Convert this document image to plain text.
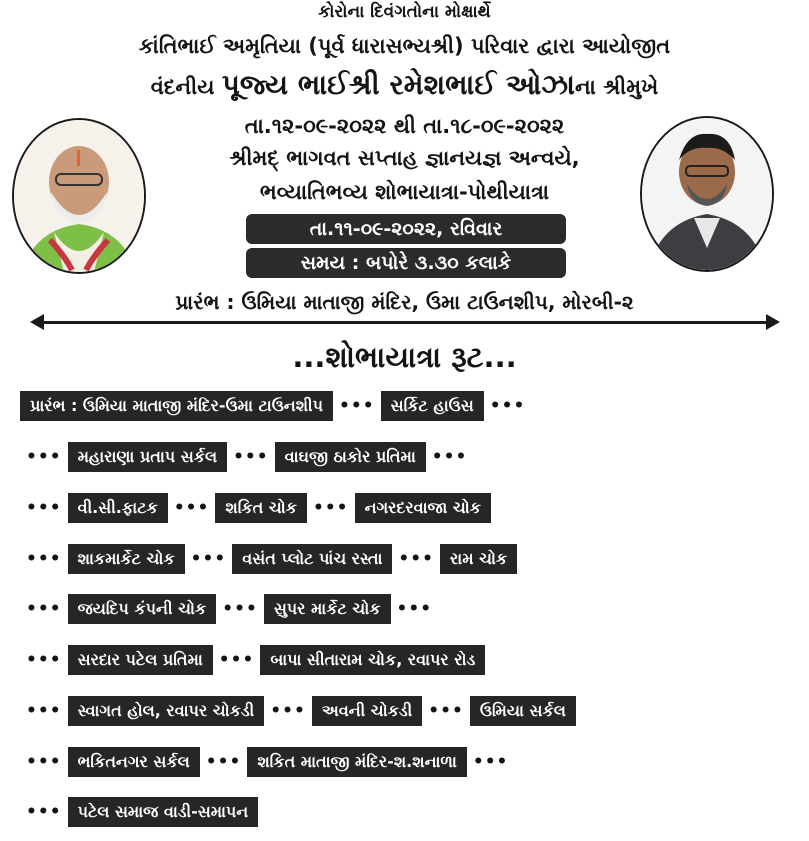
કોરોના દિવંગતોના મોક્ષાર્થે
કાંતિભાઈ અમૃતિયા (પૂર્વ ધારાસભ્યશ્રી) પરિવાર દ્વારા આયોજીત
વંદનીય પૂજ્ય ભાઈશ્રી રમેશભાઈ ઓઝાના શ્રીમુખે
તા.૧૨-૦૯-૨૦૨૨ થી તા.૧૮-૦૯-૨૦૨૨
શ્રીમદ્ ભાગવત સપ્તાહ જ્ઞાનયજ્ઞ અન્વયે,
ભવ્યાતિભવ્ય શોભાયાત્રા-પોથીયાત્રા
તા.૧૧-૦૯-૨૦૨૨, રવિવાર
સમય : બપોરે ૩.૩૦ કલાકે
પ્રારંભ : ઉમિયા માતાજી મંદિર, ઉમા ટાઉનશીપ, મોરબી-૨
...શોભાયાત્રા રૂટ...
પ્રારંભ : ઉમિયા માતાજી મંદિર-ઉમા ટાઉનશીપ •••	સર્કિટ હાઉસ •••
•••	મહારાણા પ્રતાપ સર્કલ •••	વાઘજી ઠાકોર પ્રતિમા •••
•••	વી.સી.ફાટક •••	શકિત ચોક •••	નગરદરવાજા ચોક
•••	શાકમાર્કેટ ચોક •••	વસંત પ્લોટ પાંચ રસ્તા •••	રામ ચોક
•••	જયદિપ કંપની ચોક •••	સુપર માર્કેટ ચોક •••
•••	સરદાર પટેલ પ્રતિમા •••	બાપા સીતારામ ચોક, રવાપર રોડ
•••	સ્વાગત હોલ, રવાપર ચોકડી •••	અવની ચોકડી •••	ઉમિયા સર્કલ
•••	ભકિતનગર સર્કલ •••	શકિત માતાજી મંદિર-શ.શનાળા •••
•••	પટેલ સમાજ વાડી-સમાપન
